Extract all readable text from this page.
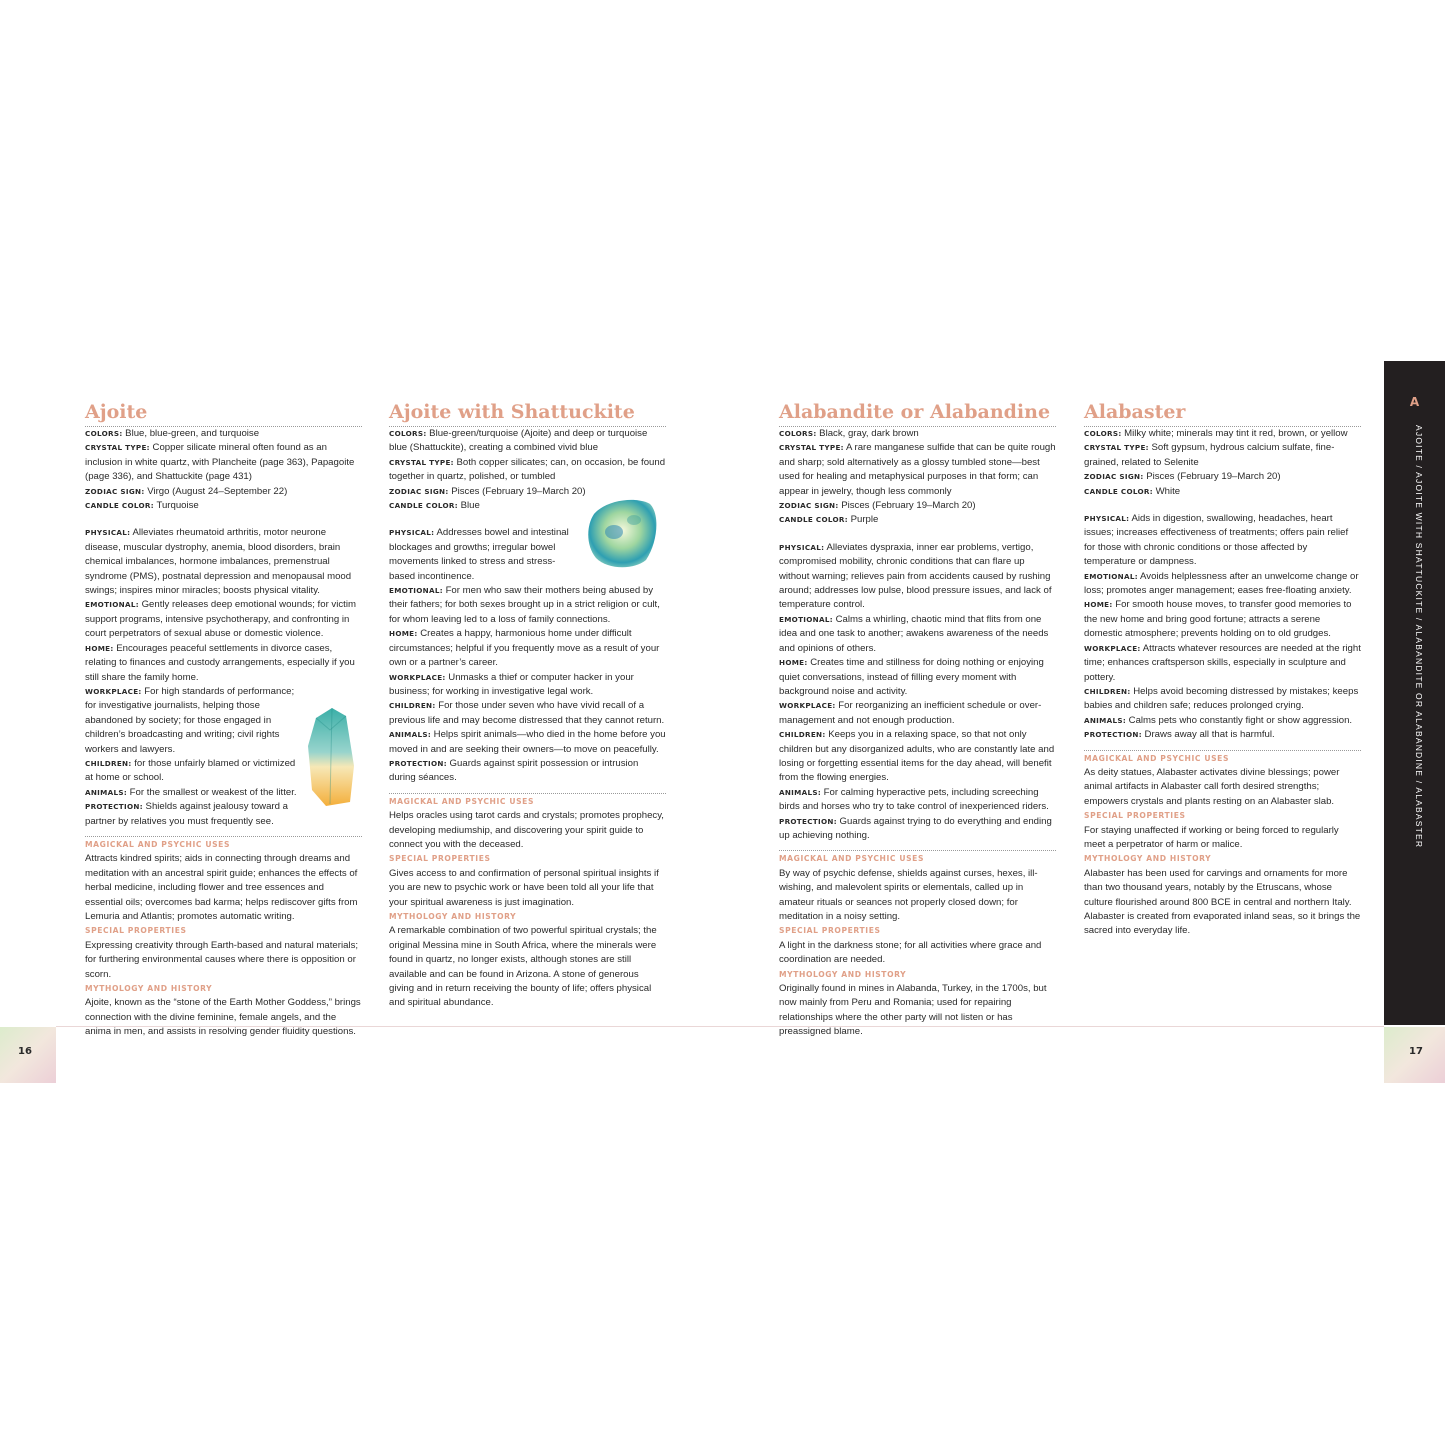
Ajoite

COLORS: Blue, blue-green, and turquoise

CRYSTAL TYPE: Copper silicate mineral often found as an inclusion in white quartz, with Plancheite (page 363), Papagoite (page 336), and Shattuckite (page 431)

ZODIAC SIGN: Virgo (August 24–September 22)

CANDLE COLOR: Turquoise

PHYSICAL: Alleviates rheumatoid arthritis, motor neurone disease, muscular dystrophy, anemia, blood disorders, brain chemical imbalances, hormone imbalances, premenstrual syndrome (PMS), postnatal depression and menopausal mood swings; inspires minor miracles; boosts physical vitality.

EMOTIONAL: Gently releases deep emotional wounds; for victim support programs, intensive psychotherapy, and confronting in court perpetrators of sexual abuse or domestic violence.

HOME: Encourages peaceful settlements in divorce cases, relating to finances and custody arrangements, especially if you still share the family home.

WORKPLACE: For high standards of performance; for investigative journalists, helping those abandoned by society; for those engaged in children’s broadcasting and writing; civil rights workers and lawyers.

CHILDREN: for those unfairly blamed or victimized at home or school.

ANIMALS: For the smallest or weakest of the litter.

PROTECTION: Shields against jealousy toward a partner by relatives you must frequently see.

MAGICKAL AND PSYCHIC USES

Attracts kindred spirits; aids in connecting through dreams and meditation with an ancestral spirit guide; enhances the effects of herbal medicine, including flower and tree essences and essential oils; overcomes bad karma; helps rediscover gifts from Lemuria and Atlantis; promotes automatic writing.

SPECIAL PROPERTIES

Expressing creativity through Earth-based and natural materials; for furthering environmental causes where there is opposition or scorn.

MYTHOLOGY AND HISTORY

Ajoite, known as the “stone of the Earth Mother Goddess,” brings connection with the divine feminine, female angels, and the anima in men, and assists in resolving gender fluidity questions.

Ajoite with Shattuckite

COLORS: Blue-green/turquoise (Ajoite) and deep or turquoise blue (Shattuckite), creating a combined vivid blue

CRYSTAL TYPE: Both copper silicates; can, on occasion, be found together in quartz, polished, or tumbled

ZODIAC SIGN: Pisces (February 19–March 20)

CANDLE COLOR: Blue

PHYSICAL: Addresses bowel and intestinal blockages and growths; irregular bowel movements linked to stress and stress-based incontinence.

EMOTIONAL: For men who saw their mothers being abused by their fathers; for both sexes brought up in a strict religion or cult, for whom leaving led to a loss of family connections.

HOME: Creates a happy, harmonious home under difficult circumstances; helpful if you frequently move as a result of your own or a partner’s career.

WORKPLACE: Unmasks a thief or computer hacker in your business; for working in investigative legal work.

CHILDREN: For those under seven who have vivid recall of a previous life and may become distressed that they cannot return.

ANIMALS: Helps spirit animals—who died in the home before you moved in and are seeking their owners—to move on peacefully.

PROTECTION: Guards against spirit possession or intrusion during séances.

MAGICKAL AND PSYCHIC USES

Helps oracles using tarot cards and crystals; promotes prophecy, developing mediumship, and discovering your spirit guide to connect you with the deceased.

SPECIAL PROPERTIES

Gives access to and confirmation of personal spiritual insights if you are new to psychic work or have been told all your life that your spiritual awareness is just imagination.

MYTHOLOGY AND HISTORY

A remarkable combination of two powerful spiritual crystals; the original Messina mine in South Africa, where the minerals were found in quartz, no longer exists, although stones are still available and can be found in Arizona. A stone of generous giving and in return receiving the bounty of life; offers physical and spiritual abundance.

Alabandite or Alabandine

COLORS: Black, gray, dark brown

CRYSTAL TYPE: A rare manganese sulfide that can be quite rough and sharp; sold alternatively as a glossy tumbled stone—best used for healing and metaphysical purposes in that form; can appear in jewelry, though less commonly

ZODIAC SIGN: Pisces (February 19–March 20)

CANDLE COLOR: Purple

PHYSICAL: Alleviates dyspraxia, inner ear problems, vertigo, compromised mobility, chronic conditions that can flare up without warning; relieves pain from accidents caused by rushing around; addresses low pulse, blood pressure issues, and lack of temperature control.

EMOTIONAL: Calms a whirling, chaotic mind that flits from one idea and one task to another; awakens awareness of the needs and opinions of others.

HOME: Creates time and stillness for doing nothing or enjoying quiet conversations, instead of filling every moment with background noise and activity.

WORKPLACE: For reorganizing an inefficient schedule or over-management and not enough production.

CHILDREN: Keeps you in a relaxing space, so that not only children but any disorganized adults, who are constantly late and losing or forgetting essential items for the day ahead, will benefit from the flowing energies.

ANIMALS: For calming hyperactive pets, including screeching birds and horses who try to take control of inexperienced riders.

PROTECTION: Guards against trying to do everything and ending up achieving nothing.

MAGICKAL AND PSYCHIC USES

By way of psychic defense, shields against curses, hexes, ill-wishing, and malevolent spirits or elementals, called up in amateur rituals or seances not properly closed down; for meditation in a noisy setting.

SPECIAL PROPERTIES

A light in the darkness stone; for all activities where grace and coordination are needed.

MYTHOLOGY AND HISTORY

Originally found in mines in Alabanda, Turkey, in the 1700s, but now mainly from Peru and Romania; used for repairing relationships where the other party will not listen or has preassigned blame.

Alabaster

COLORS: Milky white; minerals may tint it red, brown, or yellow

CRYSTAL TYPE: Soft gypsum, hydrous calcium sulfate, fine-grained, related to Selenite

ZODIAC SIGN: Pisces (February 19–March 20)

CANDLE COLOR: White

PHYSICAL: Aids in digestion, swallowing, headaches, heart issues; increases effectiveness of treatments; offers pain relief for those with chronic conditions or those affected by temperature or dampness.

EMOTIONAL: Avoids helplessness after an unwelcome change or loss; promotes anger management; eases free-floating anxiety.

HOME: For smooth house moves, to transfer good memories to the new home and bring good fortune; attracts a serene domestic atmosphere; prevents holding on to old grudges.

WORKPLACE: Attracts whatever resources are needed at the right time; enhances craftsperson skills, especially in sculpture and pottery.

CHILDREN: Helps avoid becoming distressed by mistakes; keeps babies and children safe; reduces prolonged crying.

ANIMALS: Calms pets who constantly fight or show aggression.

PROTECTION: Draws away all that is harmful.

MAGICKAL AND PSYCHIC USES

As deity statues, Alabaster activates divine blessings; power animal artifacts in Alabaster call forth desired strengths; empowers crystals and plants resting on an Alabaster slab.

SPECIAL PROPERTIES

For staying unaffected if working or being forced to regularly meet a perpetrator of harm or malice.

MYTHOLOGY AND HISTORY

Alabaster has been used for carvings and ornaments for more than two thousand years, notably by the Etruscans, whose culture flourished around 800 BCE in central and northern Italy. Alabaster is created from evaporated inland seas, so it brings the sacred into everyday life.

A
AJOITE / AJOITE WITH SHATTUCKITE / ALABANDITE OR ALABANDINE / ALABASTER
16	17
